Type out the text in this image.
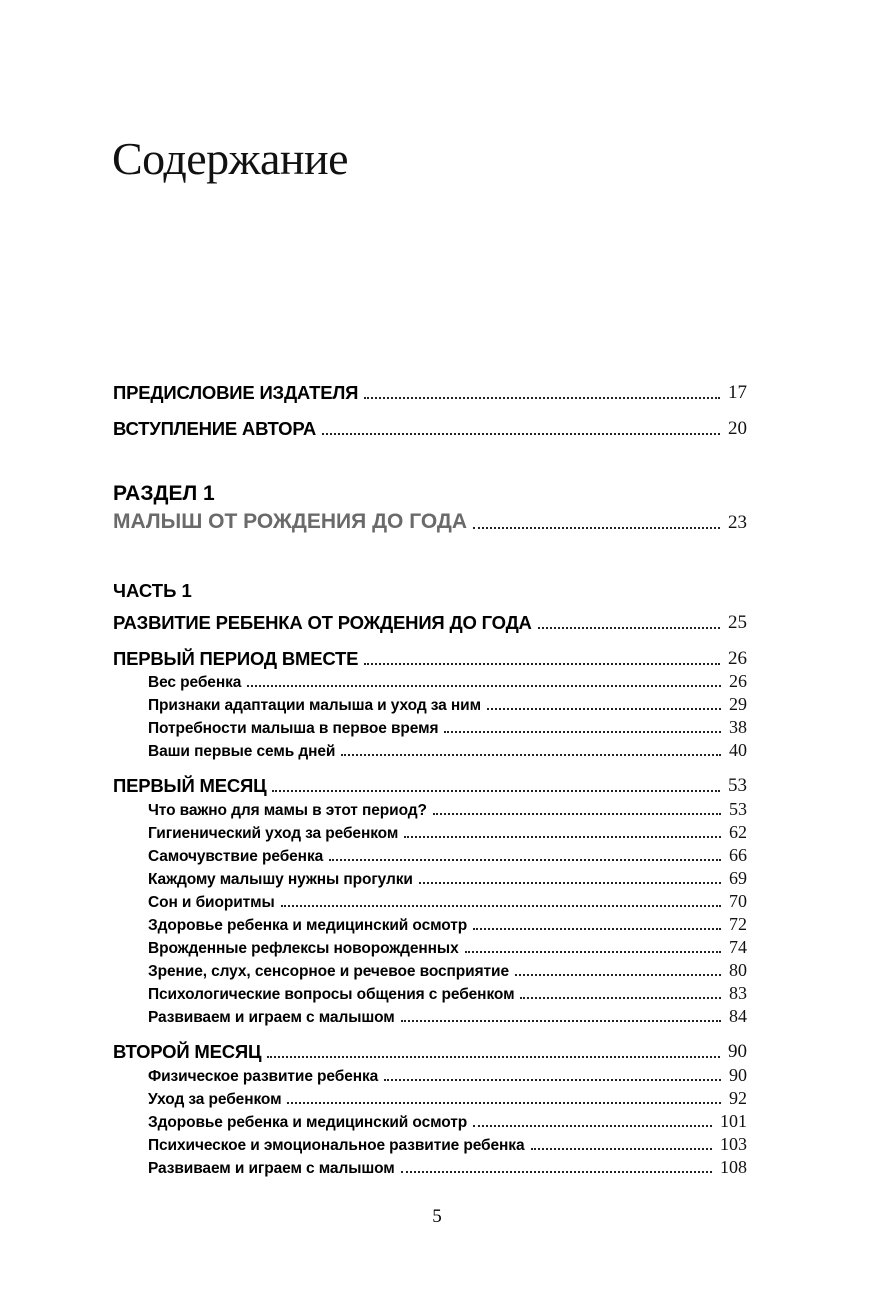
Содержание
ПРЕДИСЛОВИЕ ИЗДАТЕЛЯ	17
ВСТУПЛЕНИЕ АВТОРА	20
РАЗДЕЛ 1
МАЛЫШ ОТ РОЖДЕНИЯ ДО ГОДА	23
ЧАСТЬ 1
РАЗВИТИЕ РЕБЕНКА ОТ РОЖДЕНИЯ ДО ГОДА	25
ПЕРВЫЙ ПЕРИОД ВМЕСТЕ	26
Вес ребенка	26
Признаки адаптации малыша и уход за ним	29
Потребности малыша в первое время	38
Ваши первые семь дней	40
ПЕРВЫЙ МЕСЯЦ	53
Что важно для мамы в этот период?	53
Гигиенический уход за ребенком	62
Самочувствие ребенка	66
Каждому малышу нужны прогулки	69
Сон и биоритмы	70
Здоровье ребенка и медицинский осмотр	72
Врожденные рефлексы новорожденных	74
Зрение, слух, сенсорное и речевое восприятие	80
Психологические вопросы общения с ребенком	83
Развиваем и играем с малышом	84
ВТОРОЙ МЕСЯЦ	90
Физическое развитие ребенка	90
Уход за ребенком	92
Здоровье ребенка и медицинский осмотр	101
Психическое и эмоциональное развитие ребенка	103
Развиваем и играем с малышом	108
5
